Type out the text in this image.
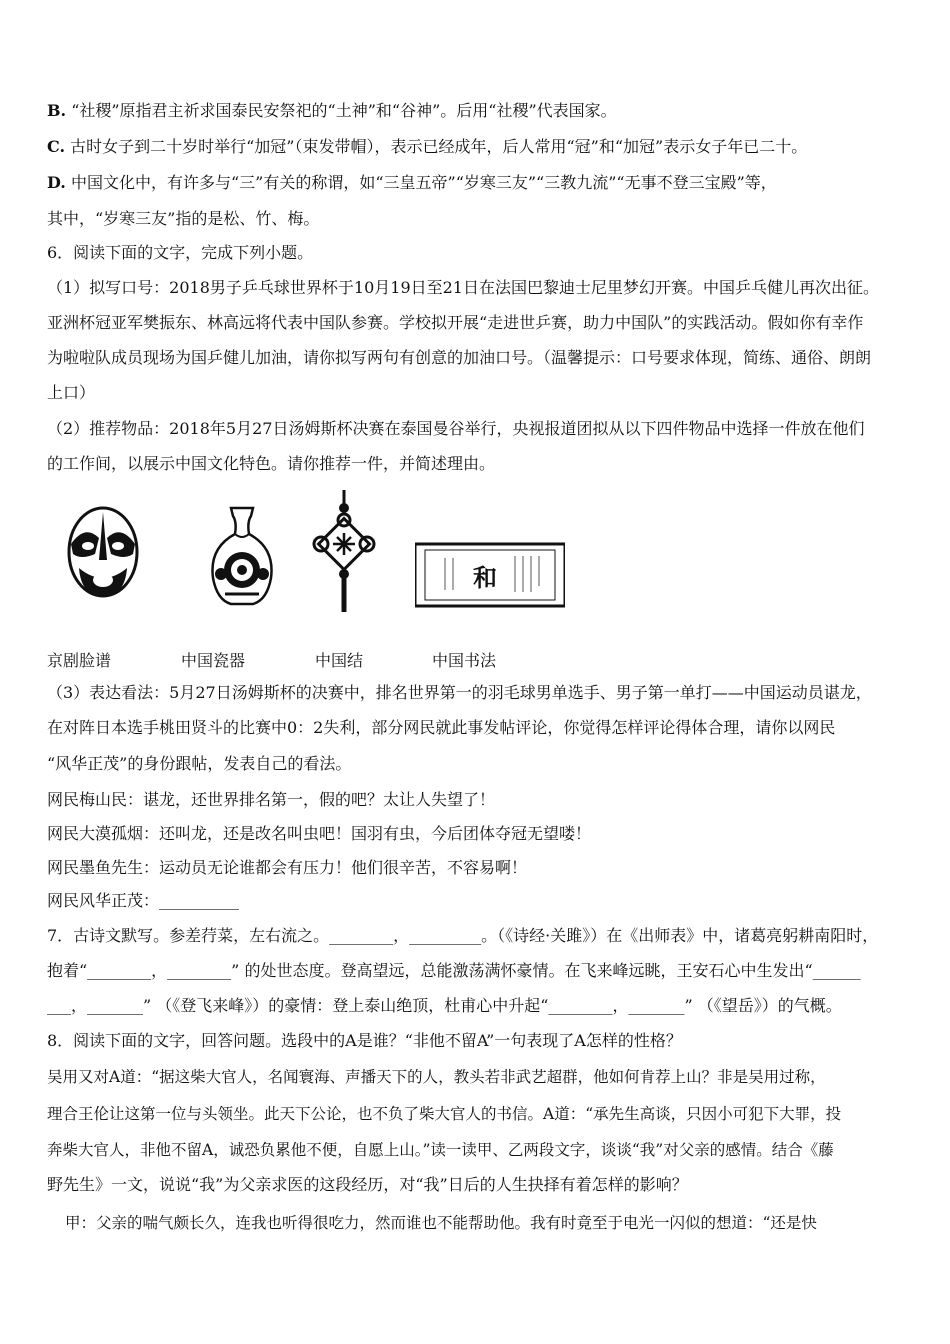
B. “社稷”原指君主祈求国泰民安祭祀的“土神”和“谷神”。后用“社稷”代表国家。
C. 古时女子到二十岁时举行“加冠”（束发带帽），表示已经成年，后人常用“冠”和“加冠”表示女子年已二十。
D. 中国文化中，有许多与“三”有关的称谓，如“三皇五帝”“岁寒三友”“三教九流”“无事不登三宝殿”等，
其中，“岁寒三友”指的是松、竹、梅。
6．阅读下面的文字，完成下列小题。
（1）拟写口号：2018男子乒乓球世界杯于10月19日至21日在法国巴黎迪士尼里梦幻开赛。中国乒乓健儿再次出征。
亚洲杯冠亚军樊振东、林高远将代表中国队参赛。学校拟开展“走进世乒赛，助力中国队”的实践活动。假如你有幸作
为啦啦队成员现场为国乒健儿加油，请你拟写两句有创意的加油口号。（温馨提示：口号要求体现，简练、通俗、朗朗
上口）
（2）推荐物品：2018年5月27日汤姆斯杯决赛在泰国曼谷举行，央视报道团拟从以下四件物品中选择一件放在他们
的工作间，以展示中国文化特色。请你推荐一件，并简述理由。
和
京剧脸谱	中国瓷器	中国结	中国书法
（3）表达看法：5月27日汤姆斯杯的决赛中，排名世界第一的羽毛球男单选手、男子第一单打——中国运动员谌龙，
在对阵日本选手桃田贤斗的比赛中0：2失利，部分网民就此事发帖评论，你觉得怎样评论得体合理，请你以网民
“风华正茂”的身份跟帖，发表自己的看法。
网民梅山民：谌龙，还世界排名第一，假的吧？太让人失望了！
网民大漠孤烟：还叫龙，还是改名叫虫吧！国羽有虫，今后团体夺冠无望喽！
网民墨鱼先生：运动员无论谁都会有压力！他们很辛苦，不容易啊！
网民风华正茂：__________
7．古诗文默写。参差荇菜，左右流之。________，_________。（《诗经·关雎》）在《出师表》中，诸葛亮躬耕南阳时，
抱着“________，________” 的处世态度。登高望远，总能激荡满怀豪情。在飞来峰远眺，王安石心中生发出“______
___，_______” （《登飞来峰》）的豪情：登上泰山绝顶，杜甫心中升起“________，_______” （《望岳》）的气概。
8．阅读下面的文字，回答问题。选段中的A是谁？“非他不留A”一句表现了A怎样的性格？
吴用又对A道：“据这柴大官人，名闻寰海、声播天下的人，教头若非武艺超群，他如何肯荐上山？非是吴用过称，
理合王伦让这第一位与头领坐。此天下公论，也不负了柴大官人的书信。A道：“承先生高谈，只因小可犯下大罪，投
奔柴大官人，非他不留A，诚恐负累他不便，自愿上山。”读一读甲、乙两段文字，谈谈“我”对父亲的感情。结合《藤
野先生》一文，说说“我”为父亲求医的这段经历，对“我”日后的人生抉择有着怎样的影响？
甲：父亲的喘气颇长久，连我也听得很吃力，然而谁也不能帮助他。我有时竟至于电光一闪似的想道：“还是快
